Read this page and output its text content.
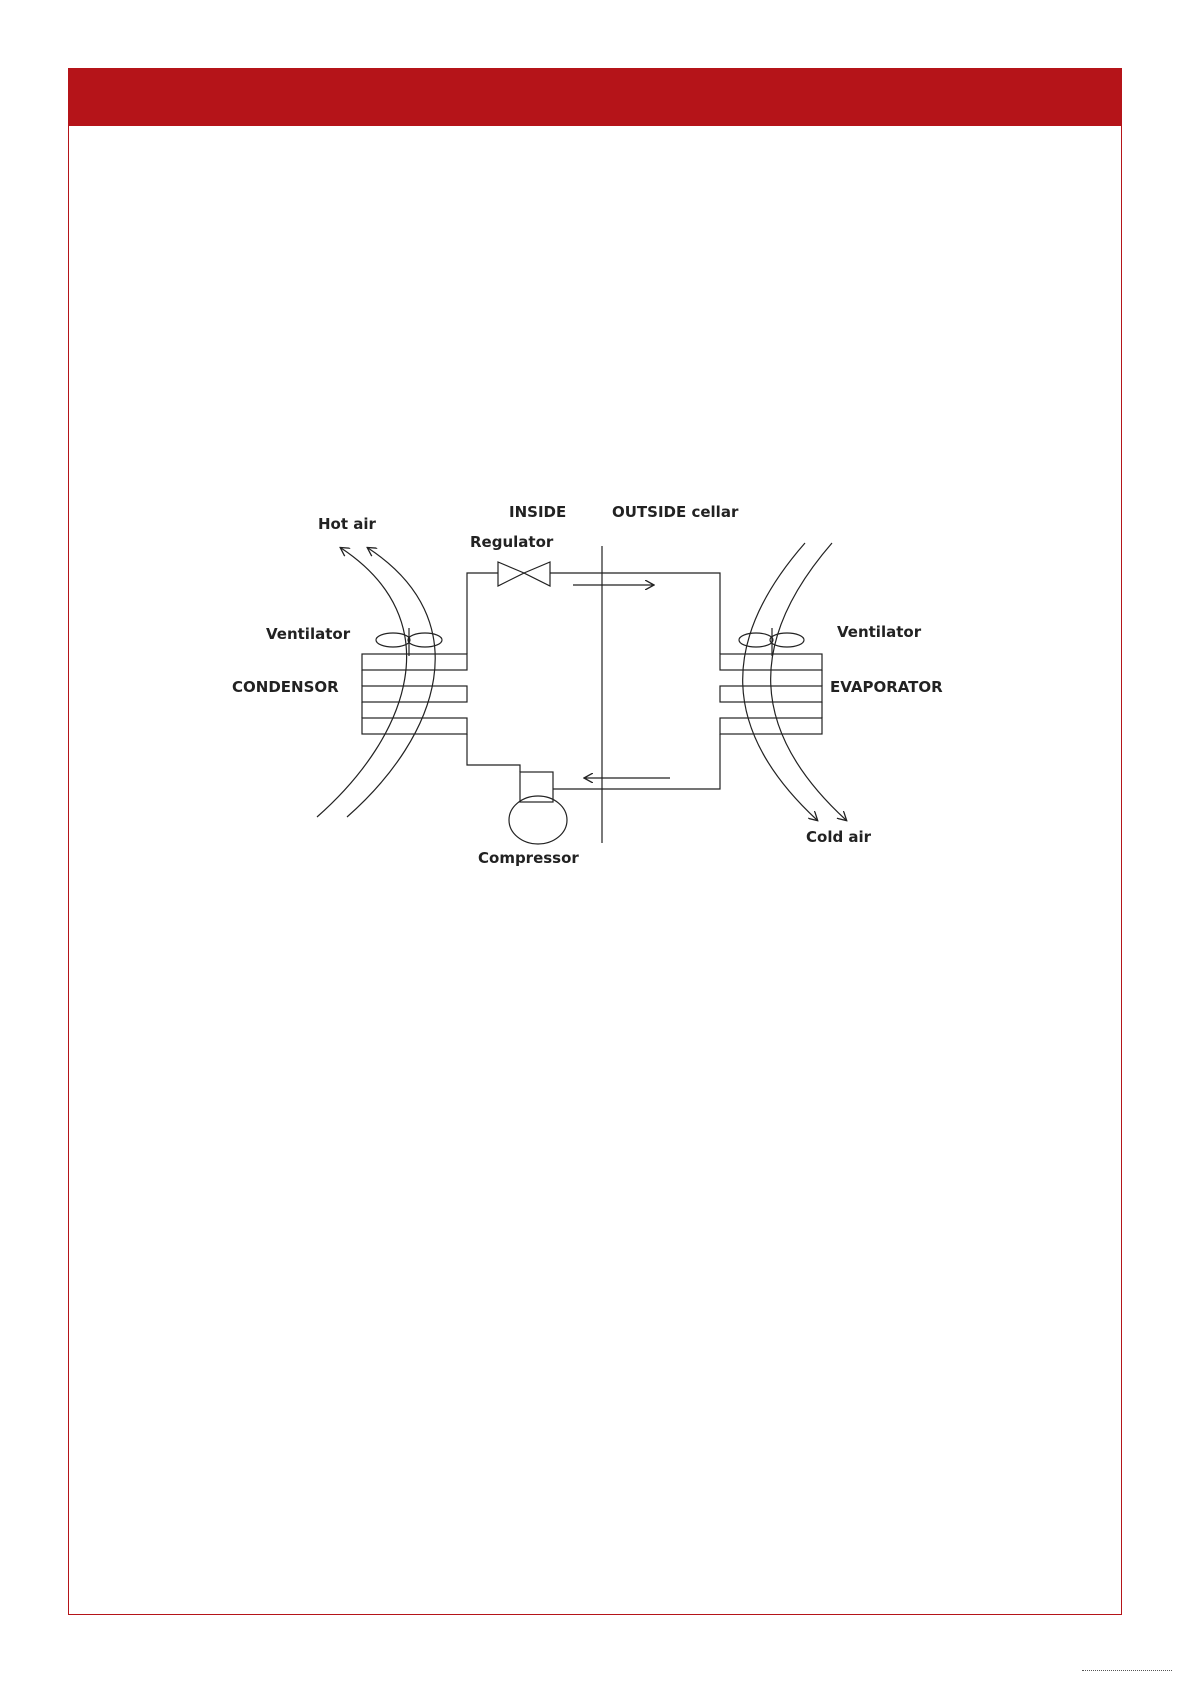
Hot air
INSIDE	OUTSIDE cellar
Regulator
Ventilator	Ventilator
CONDENSOR	EVAPORATOR
Compressor
Cold air
